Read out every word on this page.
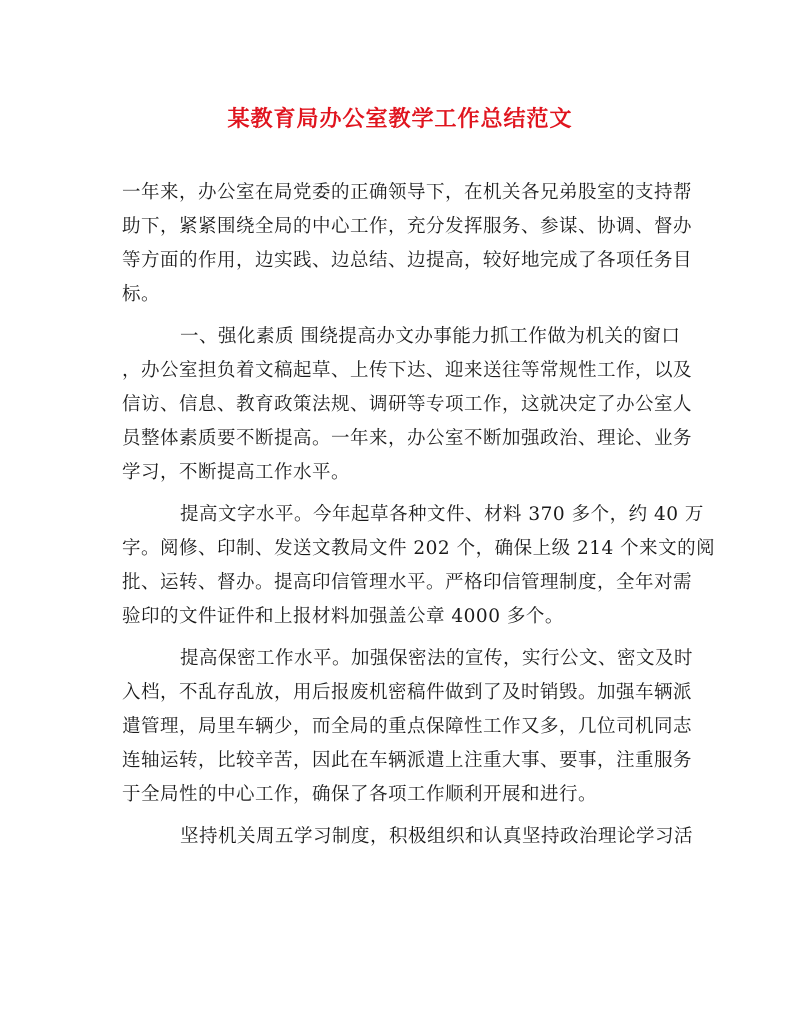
某教育局办公室教学工作总结范文
一年来，办公室在局党委的正确领导下，在机关各兄弟股室的支持帮
助下，紧紧围绕全局的中心工作，充分发挥服务、参谋、协调、督办
等方面的作用，边实践、边总结、边提高，较好地完成了各项任务目
标。
一、强化素质 围绕提高办文办事能力抓工作做为机关的窗口
，办公室担负着文稿起草、上传下达、迎来送往等常规性工作，以及
信访、信息、教育政策法规、调研等专项工作，这就决定了办公室人
员整体素质要不断提高。一年来，办公室不断加强政治、理论、业务
学习，不断提高工作水平。
提高文字水平。今年起草各种文件、材料 370 多个，约 40 万
字。阅修、印制、发送文教局文件 202 个，确保上级 214 个来文的阅
批、运转、督办。提高印信管理水平。严格印信管理制度，全年对需
验印的文件证件和上报材料加强盖公章 4000 多个。
提高保密工作水平。加强保密法的宣传，实行公文、密文及时
入档，不乱存乱放，用后报废机密稿件做到了及时销毁。加强车辆派
遣管理，局里车辆少，而全局的重点保障性工作又多，几位司机同志
连轴运转，比较辛苦，因此在车辆派遣上注重大事、要事，注重服务
于全局性的中心工作，确保了各项工作顺利开展和进行。
坚持机关周五学习制度，积极组织和认真坚持政治理论学习活
